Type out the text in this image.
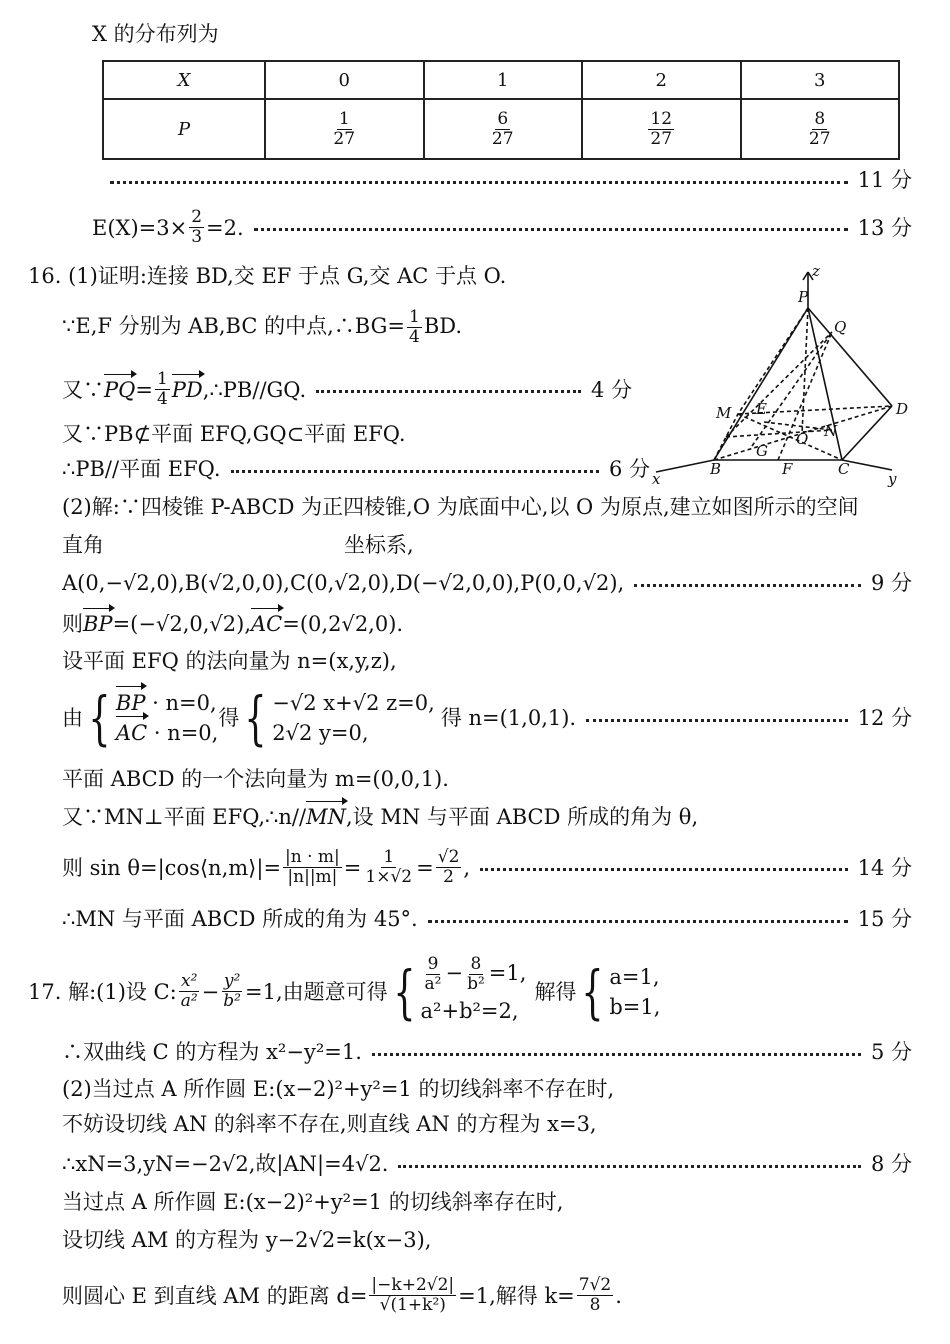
X 的分布列为
X	0	1	2	3
P	$\frac{1}{27}$	$\frac{6}{27}$	$\frac{12}{27}$	$\frac{8}{27}$
11 分
$E(X)=3\times \frac{2}{3} =2$.	13 分
16. (1)证明:连接 BD,交 EF 于点 G,交 AC 于点 O.
∵E,F 分别为 AB,BC 的中点,∴BG= $\frac{1}{4}$ BD.
又∵ PQ = $\frac{1}{4}$ PD ,∴PB//GQ.	4 分
又∵PB⊄平面 EFQ,GQ⊂平面 EFQ.
∴PB//平面 EFQ.	6 分
(2)解:∵四棱锥 P-ABCD 为正四棱锥,O 为底面中心,以 O 为原点,建立如图所示的空间
直角	坐标系,
A(0,−√2,0),B(√2,0,0),C(0,√2,0),D(−√2,0,0),P(0,0,√2),	9 分
则BP=(−√2,0,√2),AC=(0,2√2,0).
设平面 EFQ 的法向量为 n=(x,y,z),
由 { BP · n=0,
AC · n=0,
得 { −√2 x+√2 z=0,
2√2 y=0,
得 n=(1,0,1).	12 分
平面 ABCD 的一个法向量为 m=(0,0,1).
又∵MN⊥平面 EFQ,∴n//MN,设 MN 与平面 ABCD 所成的角为 θ,
则 sin θ=|cos⟨n,m⟩|= $\frac{|n \cdot m|}{|n||m|} = \frac{1}{1\times√2} = \frac{√2}{2}$ ,	14 分
∴MN 与平面 ABCD 所成的角为 45°.	15 分
17. 解:(1)设 C: $\frac{\text{x²}}{\text{a²}} - \frac{\text{y²}}{\text{b²}} =1$,由题意可得 { $\frac{9}{\text{a²}} - \frac{8}{\text{b²}} =1$,
a²+b²=2,
解得 { a=1,
b=1,
∴双曲线 C 的方程为 x²−y²=1.	5 分
(2)当过点 A 所作圆 E:(x−2)²+y²=1 的切线斜率不存在时,
不妨设切线 AN 的斜率不存在,则直线 AN 的方程为 x=3,
∴xN=3,yN=−2√2,故|AN|=4√2.	8 分
当过点 A 所作圆 E:(x−2)²+y²=1 的切线斜率存在时,
设切线 AM 的方程为 y−2√2=k(x−3),
则圆心 E 到直线 AM 的距离 $d= \frac{|-k+2√2|}{\text{√(1+k²)}} =1$,解得 $k= \frac{7√2}{8}$ .
z
P
Q
M E
O N
D
B
G
F	C
x	y
